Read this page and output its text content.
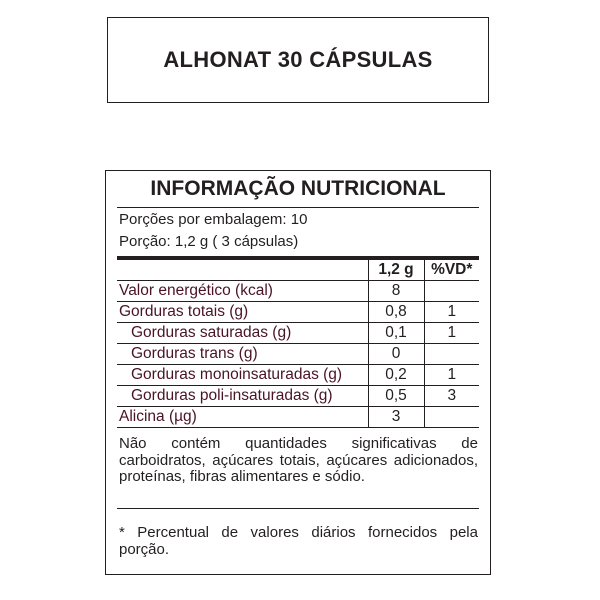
ALHONAT 30 CÁPSULAS
INFORMAÇÃO NUTRICIONAL
Porções por embalagem: 10
Porção: 1,2 g ( 3 cápsulas)
	1,2 g	%VD*
Valor energético (kcal)	8	
Gorduras totais (g)	0,8	1
Gorduras saturadas (g)	0,1	1
Gorduras trans (g)	0	
Gorduras monoinsaturadas (g)	0,2	1
Gorduras poli-insaturadas (g)	0,5	3
Alicina (µg)	3	
Não contém quantidades significativas de carboidratos, açúcares totais, açúcares adicionados, proteínas, fibras alimentares e sódio.
* Percentual de valores diários fornecidos pela porção.
